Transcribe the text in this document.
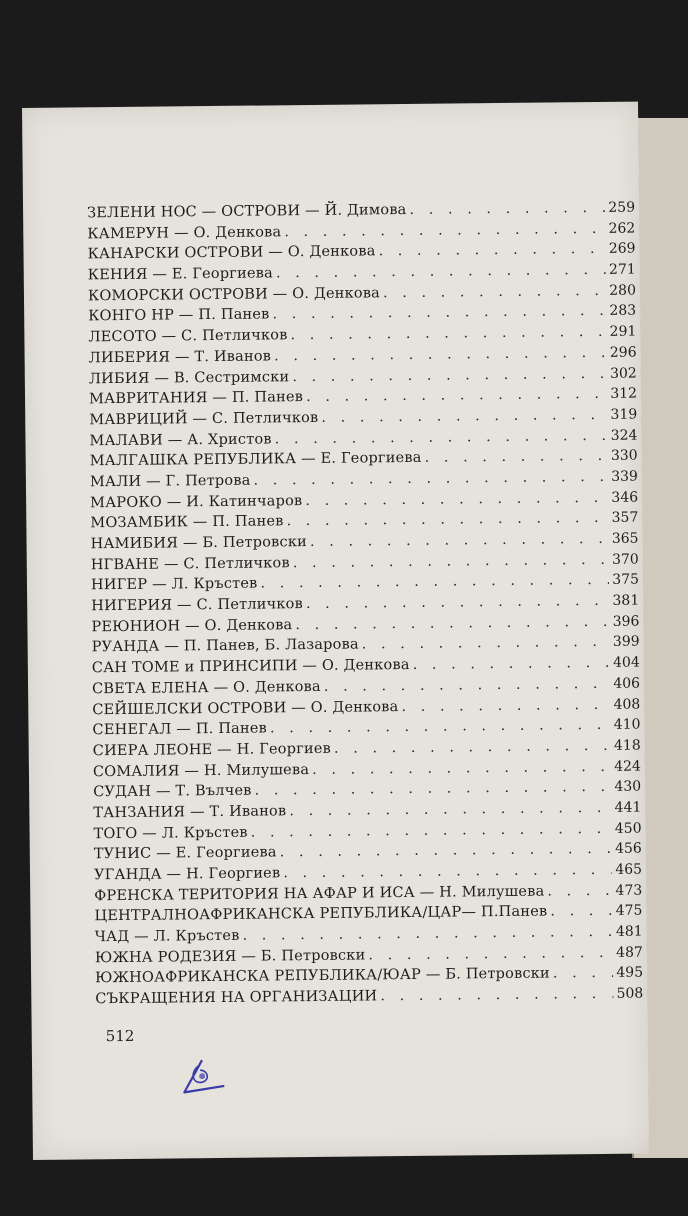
ЗЕЛЕНИ НОС — ОСТРОВИ — Й. Димова . . .	259
КАМЕРУН — О. Денкова . . .	262
КАНАРСКИ ОСТРОВИ — О. Денкова . . .	269
КЕНИЯ — Е. Георгиева . . .	271
КОМОРСКИ ОСТРОВИ — О. Денкова . . .	280
КОНГО НР — П. Панев . . .	283
ЛЕСОТО — С. Петличков . . .	291
ЛИБЕРИЯ — Т. Иванов . . .	296
ЛИБИЯ — В. Сестримски . . .	302
МАВРИТАНИЯ — П. Панев . . .	312
МАВРИЦИЙ — С. Петличков . . .	319
МАЛАВИ — А. Христов . . .	324
МАЛГАШКА РЕПУБЛИКА — Е. Георгиева . . .	330
МАЛИ — Г. Петрова . . .	339
МАРОКО — И. Катинчаров . . .	346
МОЗАМБИК — П. Панев . . .	357
НАМИБИЯ — Б. Петровски . . .	365
НГВАНЕ — С. Петличков . . .	370
НИГЕР — Л. Кръстев . . .	375
НИГЕРИЯ — С. Петличков . . .	381
РЕЮНИОН — О. Денкова . . .	396
РУАНДА — П. Панев, Б. Лазарова . . .	399
САН ТОМЕ и ПРИНСИПИ — О. Денкова . . .	404
СВЕТА ЕЛЕНА — О. Денкова . . .	406
СЕЙШЕЛСКИ ОСТРОВИ — О. Денкова . . .	408
СЕНЕГАЛ — П. Панев . . .	410
СИЕРА ЛЕОНЕ — Н. Георгиев . . .	418
СОМАЛИЯ — Н. Милушева . . .	424
СУДАН — Т. Вълчев . . .	430
ТАНЗАНИЯ — Т. Иванов . . .	441
ТОГО — Л. Кръстев . . .	450
ТУНИС — Е. Георгиева . . .	456
УГАНДА — Н. Георгиев . . .	465
ФРЕНСКА ТЕРИТОРИЯ НА АФАР И ИСА — Н. Милушева . . .	473
ЦЕНТРАЛНОАФРИКАНСКА РЕПУБЛИКА/ЦАР— П.Панев . . .	475
ЧАД — Л. Кръстев . . .	481
ЮЖНА РОДЕЗИЯ — Б. Петровски . . .	487
ЮЖНОАФРИКАНСКА РЕПУБЛИКА/ЮАР — Б. Петровски . . .	495
СЪКРАЩЕНИЯ НА ОРГАНИЗАЦИИ . . .	508
512
